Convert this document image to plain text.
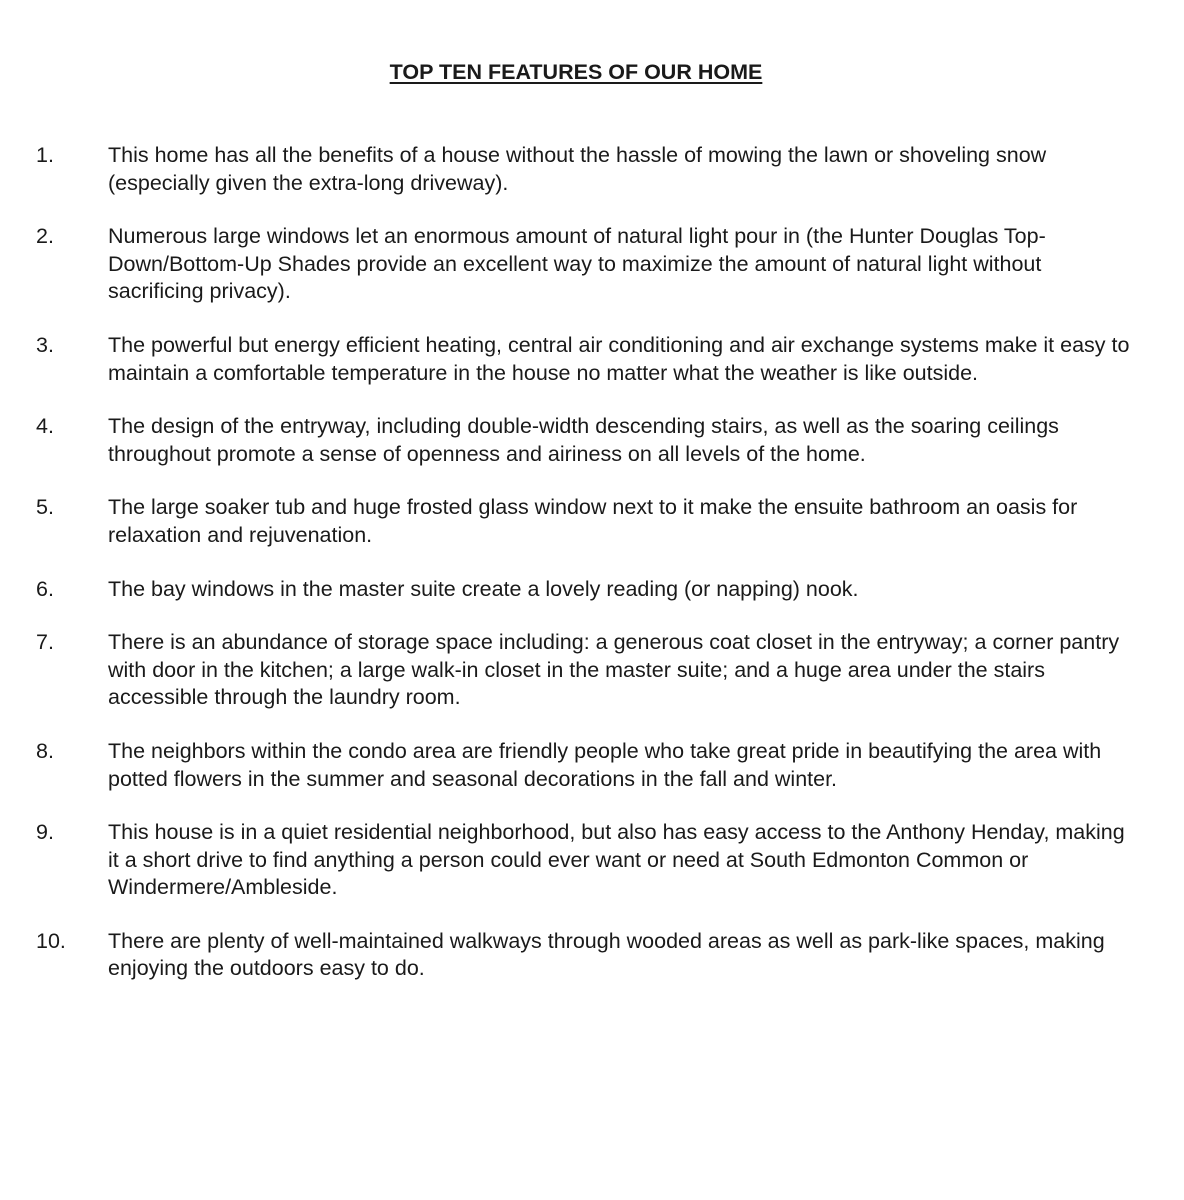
TOP TEN FEATURES OF OUR HOME
1.	This home has all the benefits of a house without the hassle of mowing the lawn or shoveling snow (especially given the extra-long driveway).
2.	Numerous large windows let an enormous amount of natural light pour in (the Hunter Douglas Top-Down/Bottom-Up Shades provide an excellent way to maximize the amount of natural light without sacrificing privacy).
3.	The powerful but energy efficient heating, central air conditioning and air exchange systems make it easy to maintain a comfortable temperature in the house no matter what the weather is like outside.
4.	The design of the entryway, including double-width descending stairs, as well as the soaring ceilings throughout promote a sense of openness and airiness on all levels of the home.
5.	The large soaker tub and huge frosted glass window next to it make the ensuite bathroom an oasis for relaxation and rejuvenation.
6.	The bay windows in the master suite create a lovely reading (or napping) nook.
7.	There is an abundance of storage space including: a generous coat closet in the entryway; a corner pantry with door in the kitchen; a large walk-in closet in the master suite; and a huge area under the stairs accessible through the laundry room.
8.	The neighbors within the condo area are friendly people who take great pride in beautifying the area with potted flowers in the summer and seasonal decorations in the fall and winter.
9.	This house is in a quiet residential neighborhood, but also has easy access to the Anthony Henday, making it a short drive to find anything a person could ever want or need at South Edmonton Common or Windermere/Ambleside.
10.	There are plenty of well-maintained walkways through wooded areas as well as park-like spaces, making enjoying the outdoors easy to do.
